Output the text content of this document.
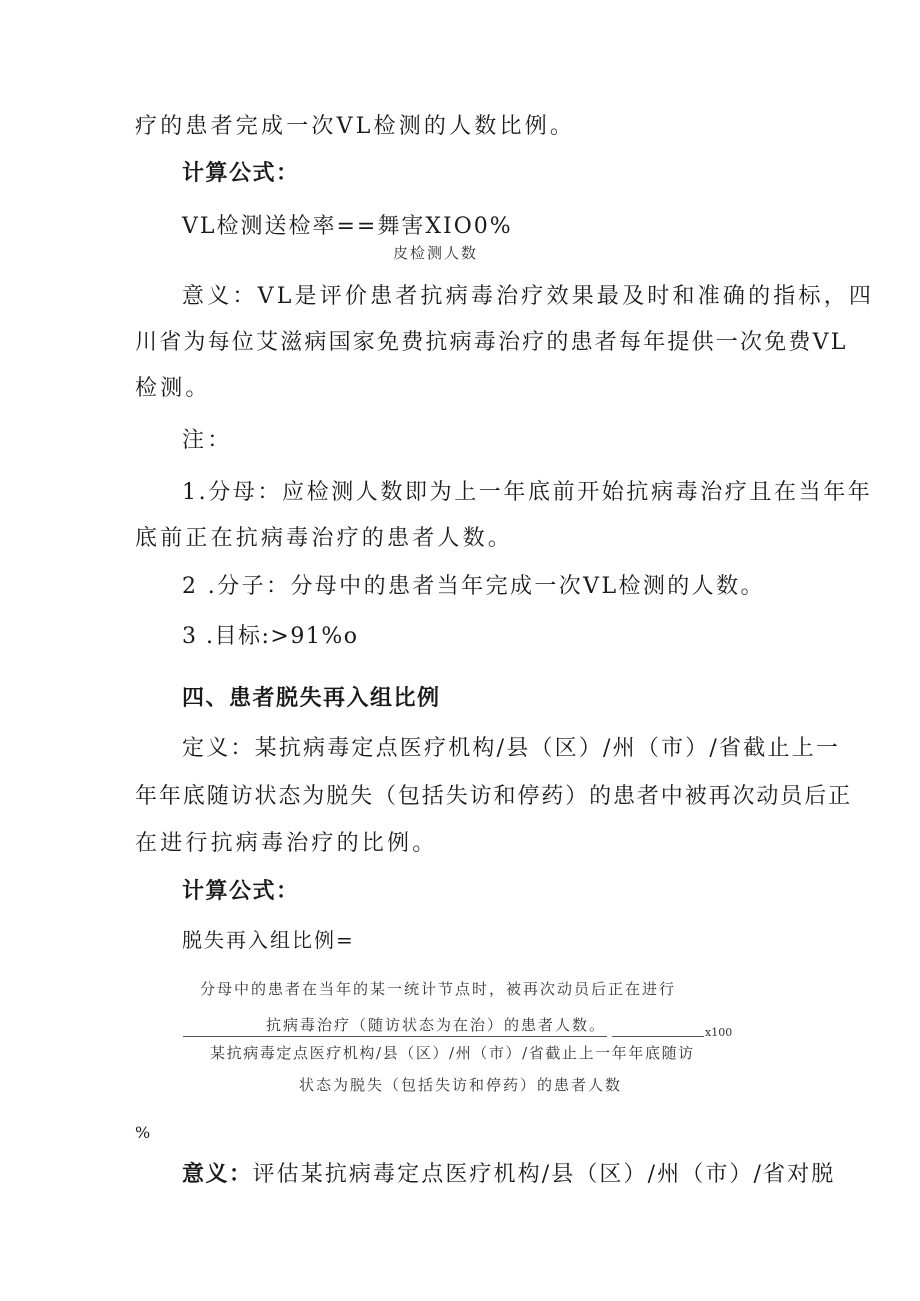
疗的患者完成一次VL检测的人数比例。
计算公式：
VL检测送检率==舞害XIO0%
皮检测人数
意义：VL是评价患者抗病毒治疗效果最及时和准确的指标，四
川省为每位艾滋病国家免费抗病毒治疗的患者每年提供一次免费VL
检测。
注：
1.分母：应检测人数即为上一年底前开始抗病毒治疗且在当年年
底前正在抗病毒治疗的患者人数。
2 .分子：分母中的患者当年完成一次VL检测的人数。
3 .目标:>91%o
四、患者脱失再入组比例
定义：某抗病毒定点医疗机构/县（区）/州（市）/省截止上一
年年底随访状态为脱失（包括失访和停药）的患者中被再次动员后正
在进行抗病毒治疗的比例。
计算公式：
脱失再入组比例=
分母中的患者在当年的某一统计节点时，被再次动员后正在进行
抗病毒治疗（随访状态为在治）的患者人数。	x100
某抗病毒定点医疗机构/县（区）/州（市）/省截止上一年年底随访
状态为脱失（包括失访和停药）的患者人数
%
意义：评估某抗病毒定点医疗机构/县（区）/州（市）/省对脱
